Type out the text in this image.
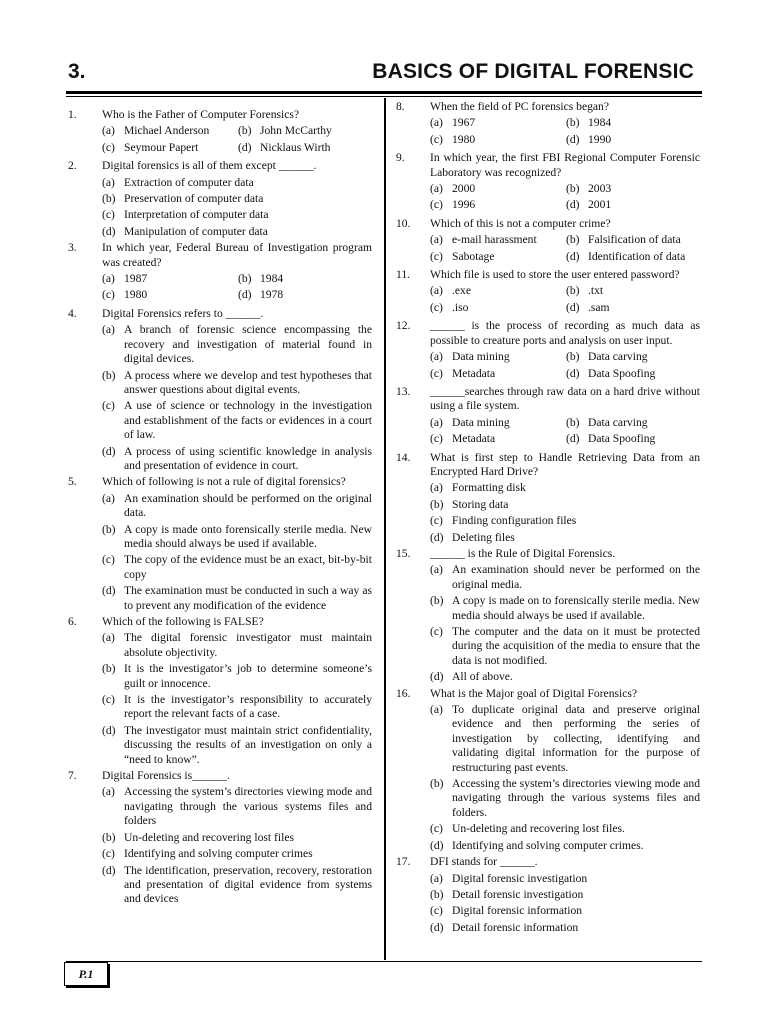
3.	BASICS OF DIGITAL FORENSIC
1. Who is the Father of Computer Forensics?
(a) Michael Anderson	(b) John McCarthy
(c) Seymour Papert	(d) Nicklaus Wirth
2. Digital forensics is all of them except ______.
(a) Extraction of computer data
(b) Preservation of computer data
(c) Interpretation of computer data
(d) Manipulation of computer data
3. In which year, Federal Bureau of Investigation program was created?
(a) 1987	(b) 1984
(c) 1980	(d) 1978
4. Digital Forensics refers to ______.
(a) A branch of forensic science encompassing the recovery and investigation of material found in digital devices.
(b) A process where we develop and test hypotheses that answer questions about digital events.
(c) A use of science or technology in the investigation and establishment of the facts or evidences in a court of law.
(d) A process of using scientific knowledge in analysis and presentation of evidence in court.
5. Which of following is not a rule of digital forensics?
(a) An examination should be performed on the original data.
(b) A copy is made onto forensically sterile media. New media should always be used if available.
(c) The copy of the evidence must be an exact, bit-by-bit copy
(d) The examination must be conducted in such a way as to prevent any modification of the evidence
6. Which of the following is FALSE?
(a) The digital forensic investigator must maintain absolute objectivity.
(b) It is the investigator’s job to determine someone’s guilt or innocence.
(c) It is the investigator’s responsibility to accurately report the relevant facts of a case.
(d) The investigator must maintain strict confidentiality, discussing the results of an investigation on only a “need to know”.
7. Digital Forensics is______.
(a) Accessing the system’s directories viewing mode and navigating through the various systems files and folders
(b) Un-deleting and recovering lost files
(c) Identifying and solving computer crimes
(d) The identification, preservation, recovery, restoration and presentation of digital evidence from systems and devices
8. When the field of PC forensics began?
(a) 1967	(b) 1984
(c) 1980	(d) 1990
9. In which year, the first FBI Regional Computer Forensic Laboratory was recognized?
(a) 2000	(b) 2003
(c) 1996	(d) 2001
10. Which of this is not a computer crime?
(a) e-mail harassment	(b) Falsification of data
(c) Sabotage	(d) Identification of data
11. Which file is used to store the user entered password?
(a) .exe	(b) .txt
(c) .iso	(d) .sam
12. ______ is the process of recording as much data as possible to creature ports and analysis on user input.
(a) Data mining	(b) Data carving
(c) Metadata	(d) Data Spoofing
13. ______searches through raw data on a hard drive without using a file system.
(a) Data mining	(b) Data carving
(c) Metadata	(d) Data Spoofing
14. What is first step to Handle Retrieving Data from an Encrypted Hard Drive?
(a) Formatting disk
(b) Storing data
(c) Finding configuration files
(d) Deleting files
15. ______ is the Rule of Digital Forensics.
(a) An examination should never be performed on the original media.
(b) A copy is made on to forensically sterile media. New media should always be used if available.
(c) The computer and the data on it must be protected during the acquisition of the media to ensure that the data is not modified.
(d) All of above.
16. What is the Major goal of Digital Forensics?
(a) To duplicate original data and preserve original evidence and then performing the series of investigation by collecting, identifying and validating digital information for the purpose of restructuring past events.
(b) Accessing the system’s directories viewing mode and navigating through the various systems files and folders.
(c) Un-deleting and recovering lost files.
(d) Identifying and solving computer crimes.
17. DFI stands for ______.
(a) Digital forensic investigation
(b) Detail forensic investigation
(c) Digital forensic information
(d) Detail forensic information
P.1
